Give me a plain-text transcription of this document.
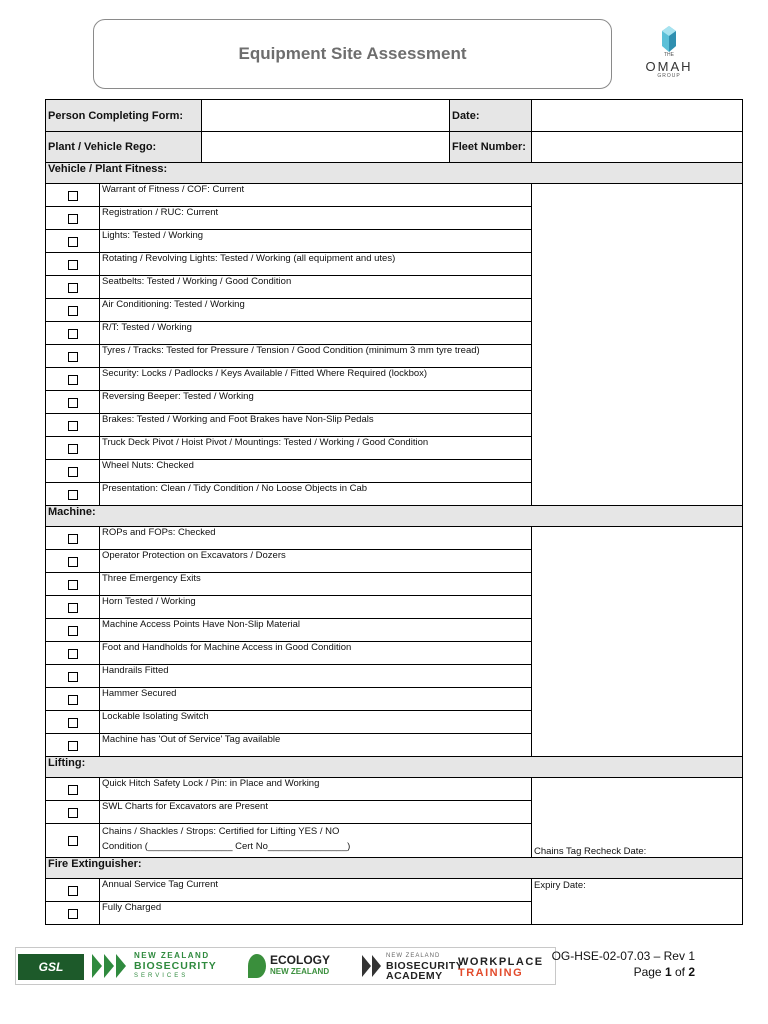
Equipment Site Assessment	THE
OMAH
GROUP
Person Completing Form:			Date:	
Plant / Vehicle Rego:			Fleet Number:	
Vehicle / Plant Fitness:				
	Warrant of Fitness / COF: Current			
	Registration / RUC: Current			
	Lights: Tested / Working			
	Rotating / Revolving Lights: Tested / Working (all equipment and utes)			
	Seatbelts: Tested / Working / Good Condition			
	Air Conditioning: Tested / Working			
	R/T: Tested / Working			
	Tyres / Tracks: Tested for Pressure / Tension / Good Condition (minimum 3 mm tyre tread)			
	Security: Locks / Padlocks / Keys Available / Fitted Where Required (lockbox)			
	Reversing Beeper: Tested / Working			
	Brakes: Tested / Working and Foot Brakes have Non-Slip Pedals			
	Truck Deck Pivot / Hoist Pivot / Mountings: Tested / Working / Good Condition			
	Wheel Nuts: Checked			
	Presentation: Clean / Tidy Condition / No Loose Objects in Cab			
Machine:				
	ROPs and FOPs: Checked			
	Operator Protection on Excavators / Dozers			
	Three Emergency Exits			
	Horn Tested / Working			
	Machine Access Points Have Non-Slip Material			
	Foot and Handholds for Machine Access in Good Condition			
	Handrails Fitted			
	Hammer Secured			
	Lockable Isolating Switch			
	Machine has 'Out of Service' Tag available			
Lifting:				
	Quick Hitch Safety Lock / Pin: in Place and Working			Chains Tag Recheck Date:
	SWL Charts for Excavators are Present			

	Chains / Shackles / Strops: Certified for Lifting YES / NO
Condition (________________ Cert No_______________)			

Fire Extinguisher:				
	Annual Service Tag Current			Expiry Date:
	Fully Charged			
GSL
NEW ZEALAND
BIOSECURITY
SERVICES
ECOLOGY
NEW ZEALAND
NEW ZEALAND
BIOSECURITY
ACADEMY
WORKPLACE
TRAINING
OG-HSE-02-07.03 – Rev 1
Page 1 of 2
